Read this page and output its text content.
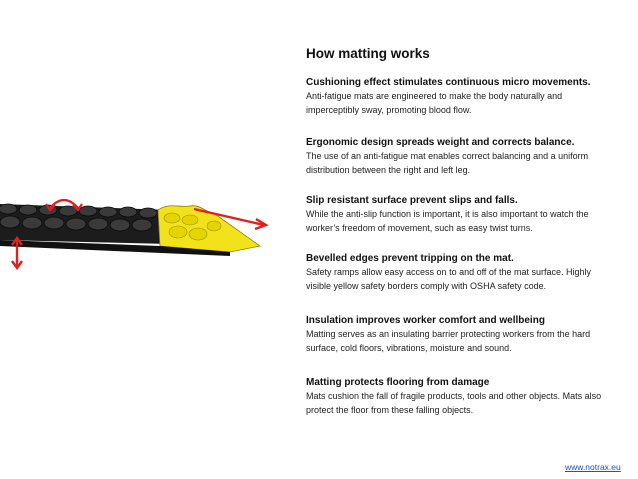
How matting works

Cushioning effect stimulates continuous micro movements.

Anti-fatigue mats are engineered to make the body naturally and imperceptibly sway, promoting blood flow.

Ergonomic design spreads weight and corrects balance.

The use of an anti-fatigue mat enables correct balancing and a uniform distribution between the right and left leg.

Slip resistant surface prevent slips and falls.

While the anti-slip function is important, it is also important to watch the worker’s freedom of movement, such as easy twist turns.

Bevelled edges prevent tripping on the mat.

Safety ramps allow easy access on to and off of the mat surface. Highly visible yellow safety borders comply with OSHA safety code.

Insulation improves worker comfort and wellbeing

Matting serves as an insulating barrier protecting workers from the hard surface, cold floors, vibrations, moisture and sound.

Matting protects flooring from damage

Mats cushion the fall of fragile products, tools and other objects. Mats also protect the floor from these falling objects.

www.notrax.eu
